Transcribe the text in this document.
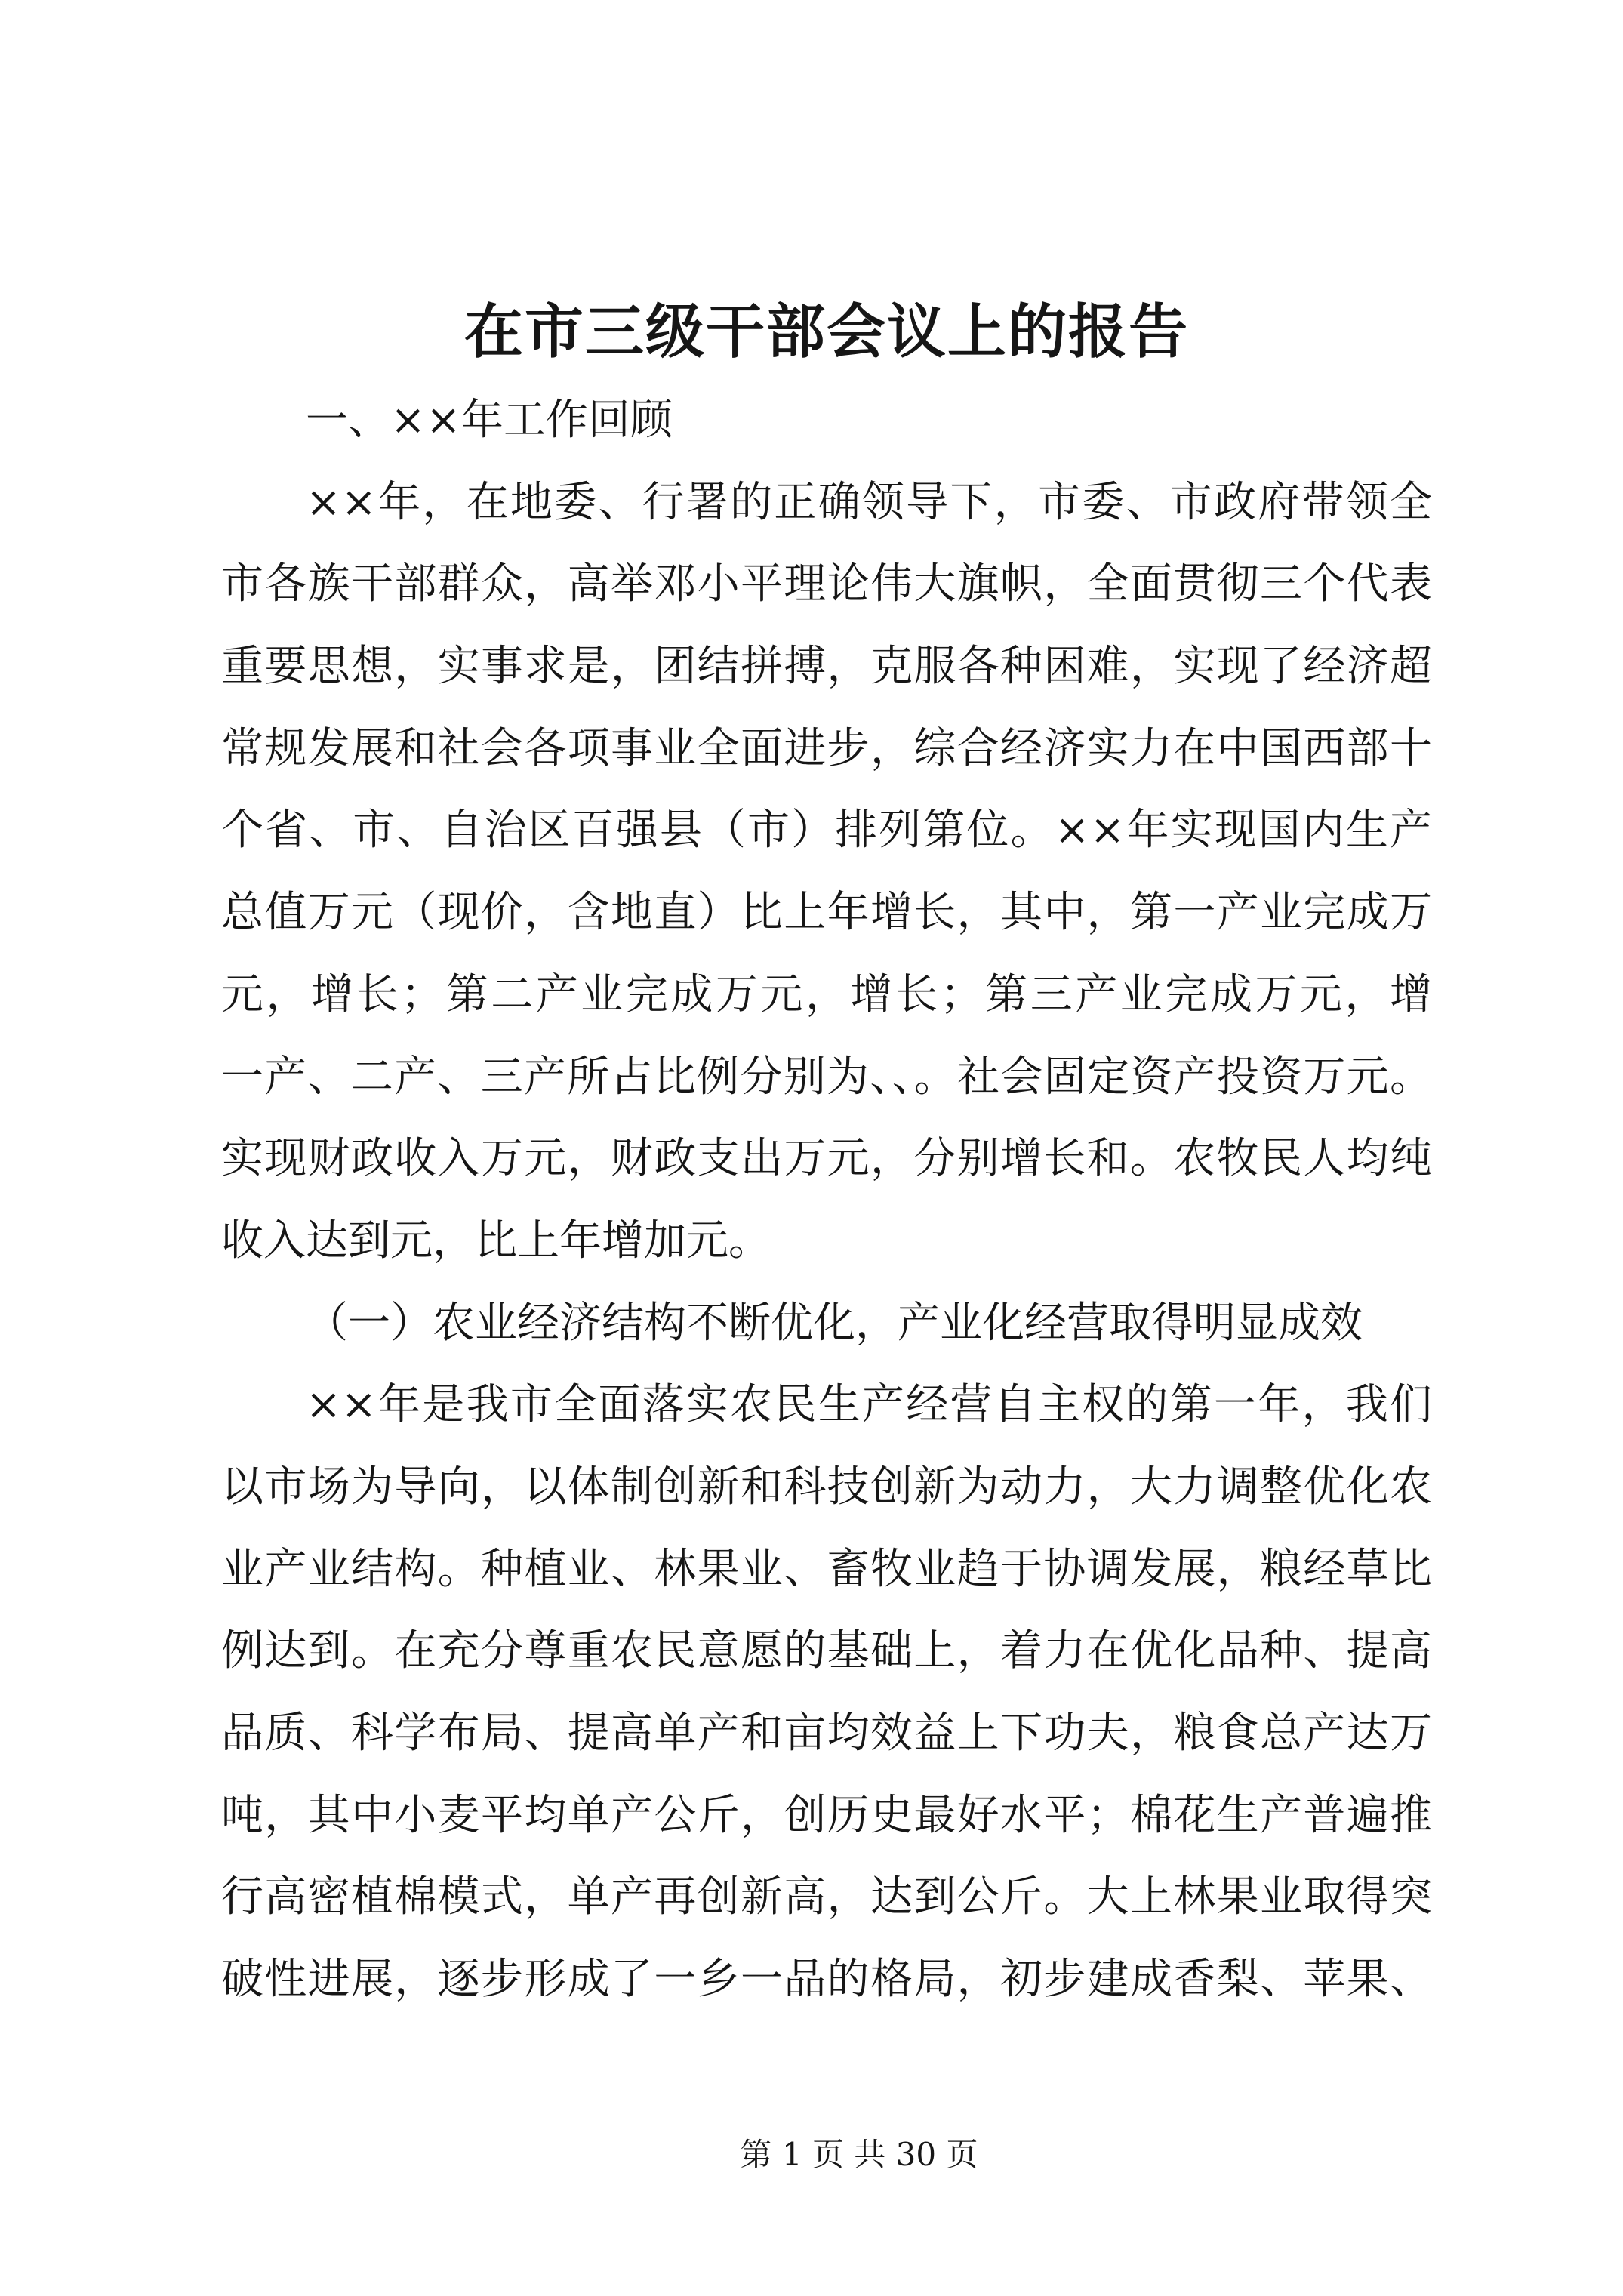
在市三级干部会议上的报告
一、××年工作回顾
××年，在地委、行署的正确领导下，市委、市政府带领全
市各族干部群众，高举邓小平理论伟大旗帜，全面贯彻三个代表
重要思想，实事求是，团结拼搏，克服各种困难，实现了经济超
常规发展和社会各项事业全面进步，综合经济实力在中国西部十
个省、市、自治区百强县（市）排列第位。××年实现国内生产
总值万元（现价，含地直）比上年增长，其中，第一产业完成万
元，增长；第二产业完成万元，增长；第三产业完成万元，增
一产、二产、三产所占比例分别为、、。社会固定资产投资万元。
实现财政收入万元，财政支出万元，分别增长和。农牧民人均纯
收入达到元，比上年增加元。
（一）农业经济结构不断优化，产业化经营取得明显成效
××年是我市全面落实农民生产经营自主权的第一年，我们
以市场为导向，以体制创新和科技创新为动力，大力调整优化农
业产业结构。种植业、林果业、畜牧业趋于协调发展，粮经草比
例达到。在充分尊重农民意愿的基础上，着力在优化品种、提高
品质、科学布局、提高单产和亩均效益上下功夫，粮食总产达万
吨，其中小麦平均单产公斤，创历史最好水平；棉花生产普遍推
行高密植棉模式，单产再创新高，达到公斤。大上林果业取得突
破性进展，逐步形成了一乡一品的格局，初步建成香梨、苹果、
第 1 页 共 30 页
